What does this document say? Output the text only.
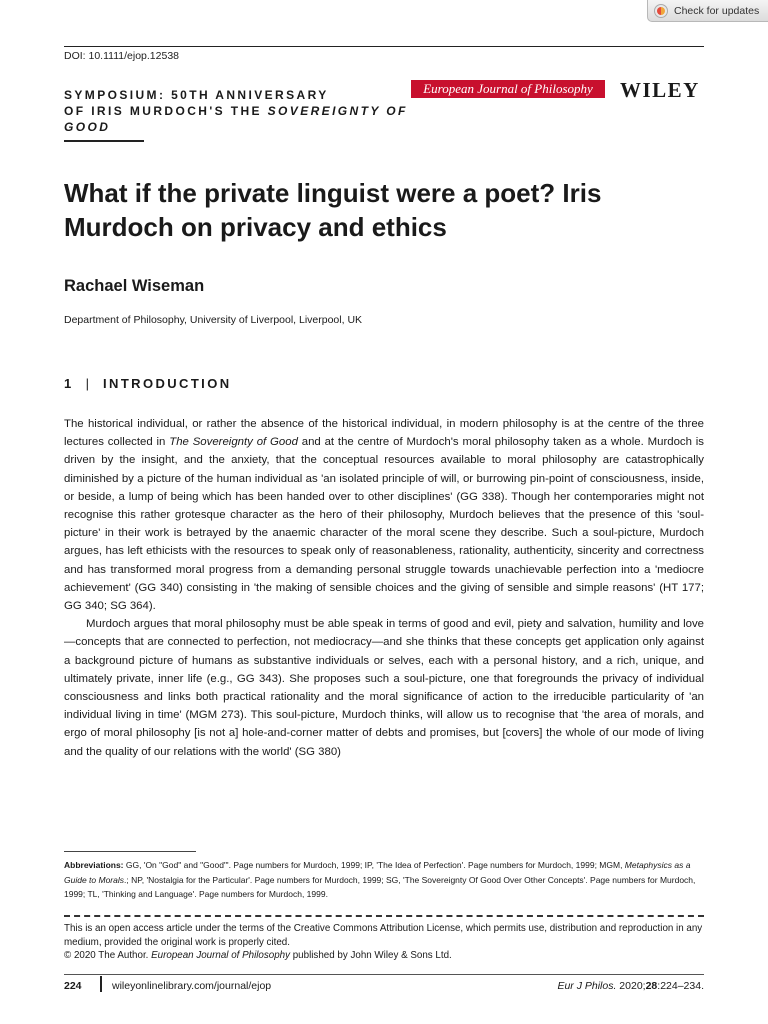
Check for updates
DOI: 10.1111/ejop.12538
SYMPOSIUM: 50TH ANNIVERSARY
OF IRIS MURDOCH'S THE SOVEREIGNTY OF GOOD
European Journal of Philosophy	WILEY
What if the private linguist were a poet? Iris Murdoch on privacy and ethics
Rachael Wiseman
Department of Philosophy, University of Liverpool, Liverpool, UK
1 | INTRODUCTION

The historical individual, or rather the absence of the historical individual, in modern philosophy is at the centre of the three lectures collected in The Sovereignty of Good and at the centre of Murdoch's moral philosophy taken as a whole. Murdoch is driven by the insight, and the anxiety, that the conceptual resources available to moral philosophy are catastrophically diminished by a picture of the human individual as 'an isolated principle of will, or burrowing pin-point of consciousness, inside, or beside, a lump of being which has been handed over to other disciplines' (GG 338). Though her contemporaries might not recognise this rather grotesque character as the hero of their philosophy, Murdoch believes that the presence of this 'soul-picture' in their work is betrayed by the anaemic character of the moral scene they describe. Such a soul-picture, Murdoch argues, has left ethicists with the resources to speak only of reasonableness, rationality, authenticity, sincerity and correctness and has transformed moral progress from a demanding personal struggle towards unachievable perfection into a 'mediocre achievement' (GG 340) consisting in 'the making of sensible choices and the giving of sensible and simple reasons' (HT 177; GG 340; SG 364).

Murdoch argues that moral philosophy must be able speak in terms of good and evil, piety and salvation, humility and love—concepts that are connected to perfection, not mediocracy—and she thinks that these concepts get application only against a background picture of humans as substantive individuals or selves, each with a personal history, and a rich, unique, and ultimately private, inner life (e.g., GG 343). She proposes such a soul-picture, one that foregrounds the privacy of individual consciousness and links both practical rationality and the moral significance of action to the irreducible particularity of 'an individual living in time' (MGM 273). This soul-picture, Murdoch thinks, will allow us to recognise that 'the area of morals, and ergo of moral philosophy [is not a] hole-and-corner matter of debts and promises, but [covers] the whole of our mode of living and the quality of our relations with the world' (SG 380)

Abbreviations: GG, 'On "God" and "Good"'. Page numbers for Murdoch, 1999; IP, 'The Idea of Perfection'. Page numbers for Murdoch, 1999; MGM, Metaphysics as a Guide to Morals.; NP, 'Nostalgia for the Particular'. Page numbers for Murdoch, 1999; SG, 'The Sovereignty Of Good Over Other Concepts'. Page numbers for Murdoch, 1999; TL, 'Thinking and Language'. Page numbers for Murdoch, 1999.
This is an open access article under the terms of the Creative Commons Attribution License, which permits use, distribution and reproduction in any medium, provided the original work is properly cited.
© 2020 The Author. European Journal of Philosophy published by John Wiley & Sons Ltd.
224	wileyonlinelibrary.com/journal/ejop	Eur J Philos. 2020;28:224–234.
